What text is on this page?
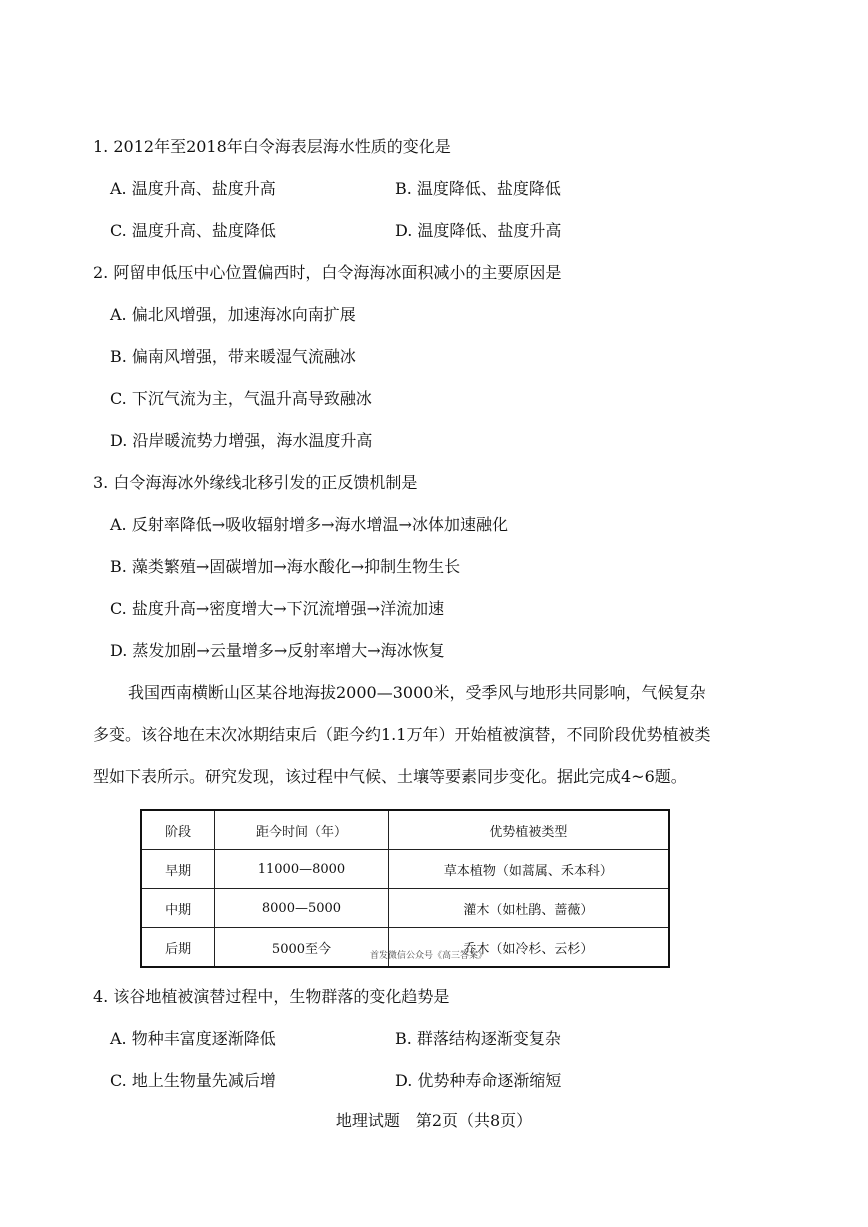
1. 2012年至2018年白令海表层海水性质的变化是
A. 温度升高、盐度升高	B. 温度降低、盐度降低
C. 温度升高、盐度降低	D. 温度降低、盐度升高
2. 阿留申低压中心位置偏西时，白令海海冰面积减小的主要原因是
A. 偏北风增强，加速海冰向南扩展
B. 偏南风增强，带来暖湿气流融冰
C. 下沉气流为主，气温升高导致融冰
D. 沿岸暖流势力增强，海水温度升高
3. 白令海海冰外缘线北移引发的正反馈机制是
A. 反射率降低→吸收辐射增多→海水增温→冰体加速融化
B. 藻类繁殖→固碳增加→海水酸化→抑制生物生长
C. 盐度升高→密度增大→下沉流增强→洋流加速
D. 蒸发加剧→云量增多→反射率增大→海冰恢复
我国西南横断山区某谷地海拔2000—3000米，受季风与地形共同影响，气候复杂
多变。该谷地在末次冰期结束后（距今约1.1万年）开始植被演替，不同阶段优势植被类
型如下表所示。研究发现，该过程中气候、土壤等要素同步变化。据此完成4~6题。
阶段	距今时间（年）	优势植被类型
早期	11000—8000	草本植物（如蒿属、禾本科）
中期	8000—5000	灌木（如杜鹃、蔷薇）
后期	5000至今	乔木（如冷杉、云杉）
首发微信公众号《高三答案》
4. 该谷地植被演替过程中，生物群落的变化趋势是
A. 物种丰富度逐渐降低	B. 群落结构逐渐变复杂
C. 地上生物量先减后增	D. 优势种寿命逐渐缩短
地理试题　第2页（共8页）
